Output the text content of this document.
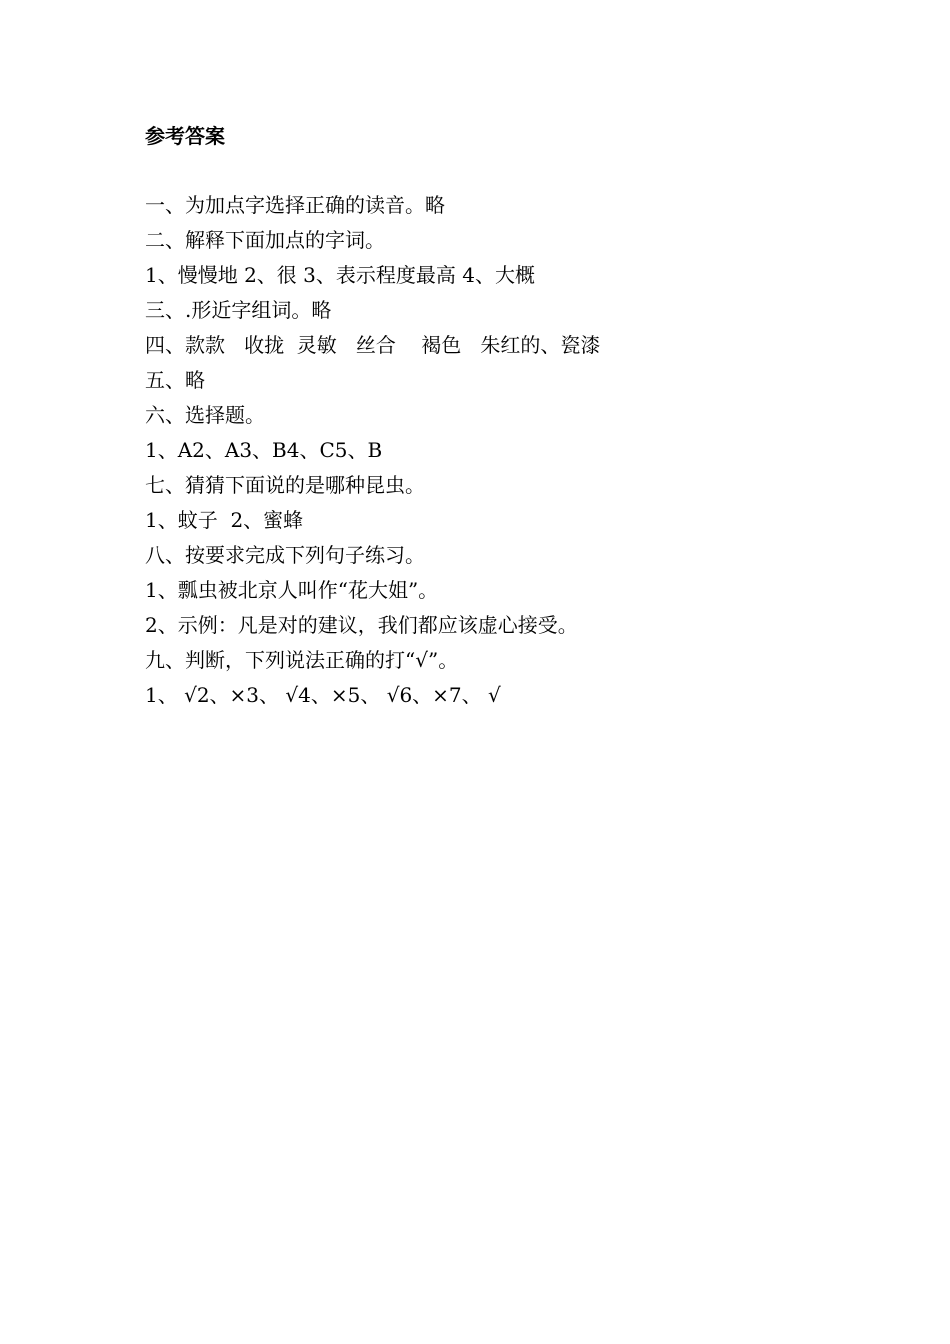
参考答案
一、为加点字选择正确的读音。略
二、解释下面加点的字词。
1、慢慢地 2、很 3、表示程度最高 4、大概
三、.形近字组词。略
四、款款   收拢  灵敏   丝合    褐色   朱红的、瓷漆
五、略
六、选择题。
1、A2、A3、B4、C5、B
七、猜猜下面说的是哪种昆虫。
1、蚊子  2、蜜蜂
八、按要求完成下列句子练习。
1、瓢虫被北京人叫作“花大姐”。
2、示例：凡是对的建议，我们都应该虚心接受。
九、判断，下列说法正确的打“√”。
1、 √2、×3、 √4、×5、 √6、×7、 √
